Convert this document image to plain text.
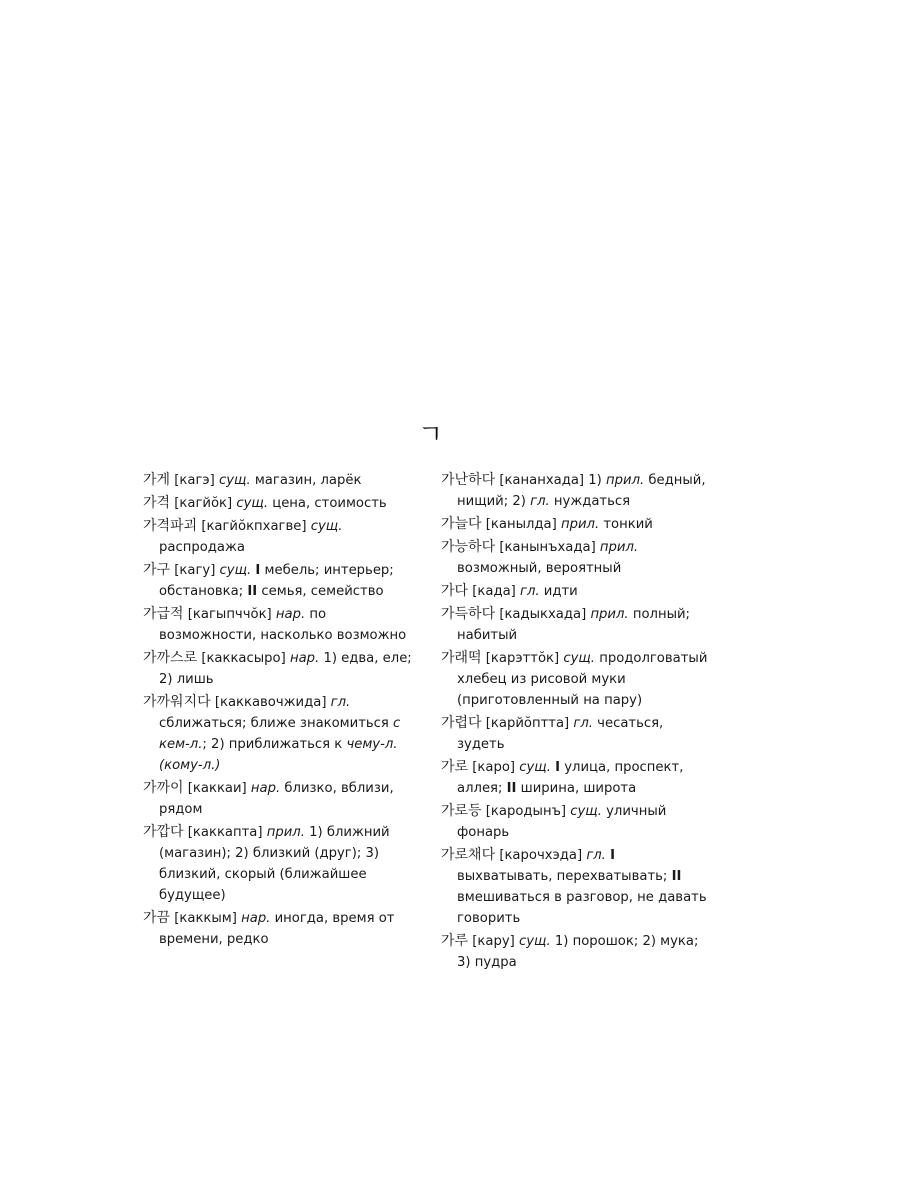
ㄱ
가게 [кагэ] сущ. магазин, ларёк
가격 [кагйŏк] сущ. цена, стоимость
가격파괴 [кагйŏкпхагве] сущ. распродажа
가구 [кагу] сущ. I мебель; интерьер; обстановка; II семья, семейство
가급적 [кагыпччŏк] нар. по возможности, насколько возможно
가까스로 [каккасыро] нар. 1) едва, еле; 2) лишь
가까워지다 [каккавочжида] гл. сближаться; ближе знакомиться с кем-л.; 2) приближаться к чему-л. (кому-л.)
가까이 [каккаи] нар. близко, вблизи, рядом
가깝다 [каккапта] прил. 1) ближний (магазин); 2) близкий (друг); 3) близкий, скорый (ближайшее будущее)
가끔 [каккым] нар. иногда, время от времени, редко
가난하다 [кананхада] 1) прил. бедный, нищий; 2) гл. нуждаться
가늘다 [канылда] прил. тонкий
가능하다 [канынъхада] прил. возможный, вероятный
가다 [када] гл. идти
가득하다 [кадыкхада] прил. полный; набитый
가래떡 [карэттŏк] сущ. продолговатый хлебец из рисовой муки (приготовленный на пару)
가렵다 [карйŏптта] гл. чесаться, зудеть
가로 [каро] сущ. I улица, проспект, аллея; II ширина, широта
가로등 [кародынъ] сущ. уличный фонарь
가로채다 [карочхэда] гл. I выхватывать, перехватывать; II вмешиваться в разговор, не давать говорить
가루 [кару] сущ. 1) порошок; 2) мука; 3) пудра
